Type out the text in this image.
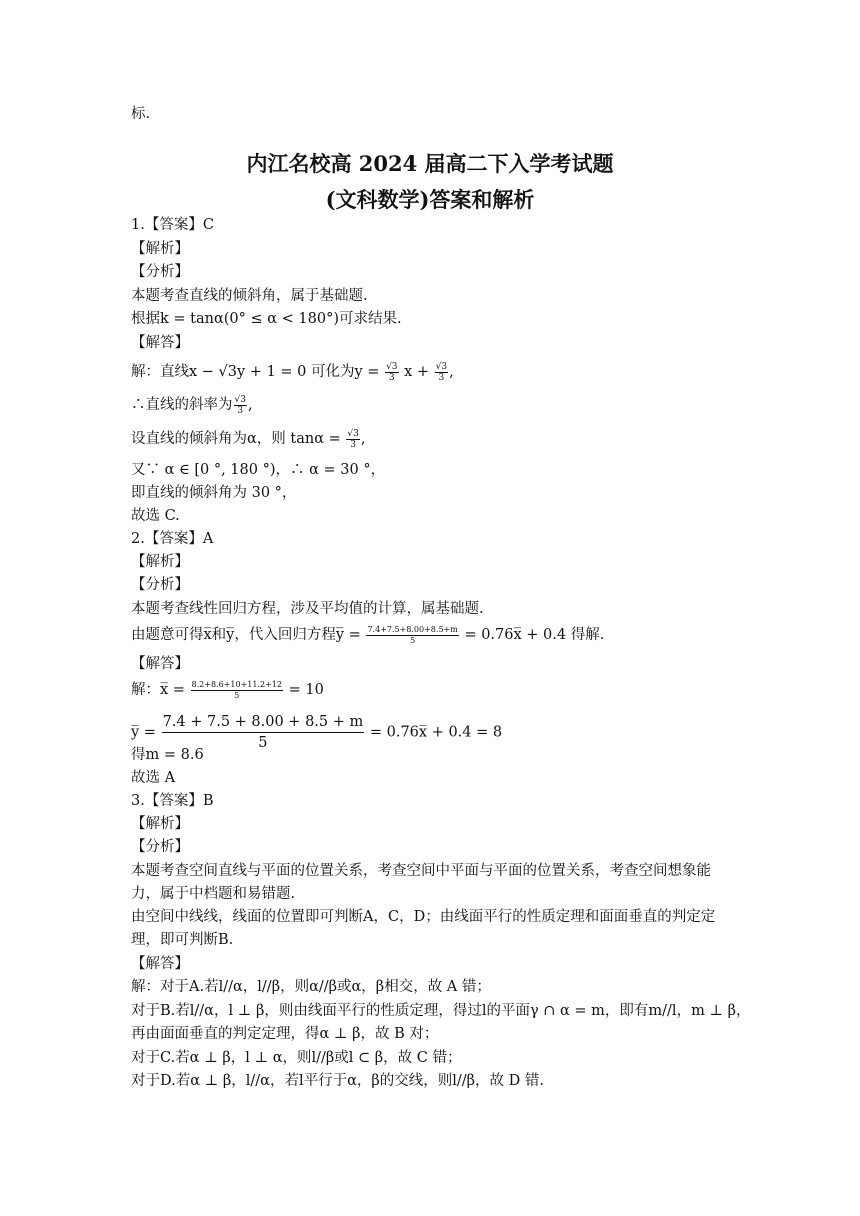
标.
内江名校高 2024 届高二下入学考试题
(文科数学)答案和解析
1.【答案】C
【解析】
【分析】
本题考查直线的倾斜角，属于基础题.
根据k = tanα(0° ≤ α < 180°)可求结果.
【解答】
解：直线x − √3y + 1 = 0 可化为$y = \frac{√3}{3}$ $x + \frac{√3}{3}$ ,
∴直线的斜率为 $\frac{√3}{3}$ ,
设直线的倾斜角为α，则 $\tan\alpha = \frac{√3}{3}$ ,
又∵ α ∈ [0 °, 180 °)，∴ α = 30 °，
即直线的倾斜角为 30 °，
故选 C.
2.【答案】A
【解析】
【分析】
本题考查线性回归方程，涉及平均值的计算，属基础题.
由题意可得x̅和y̅，代入回归方程y̅ = $\frac{7.4+7.5+8.00+8.5+m}{5}$ = 0.76x̅ + 0.4 得解.
【解答】
解：x̅ = $\frac{8.2+8.6+10+11.2+12}{5} = 10$
y̅ = $\frac{7.4 + 7.5 + 8.00 + 8.5 + m}{5}$ = 0.76x̅ + 0.4 = 8
得m = 8.6
故选 A
3.【答案】B
【解析】
【分析】
本题考查空间直线与平面的位置关系，考查空间中平面与平面的位置关系，考查空间想象能
力，属于中档题和易错题.
由空间中线线，线面的位置即可判断A，C，D；由线面平行的性质定理和面面垂直的判定定
理，即可判断B.
【解答】
解：对于A.若l//α，l//β，则α//β或α，β相交，故 A 错；
对于B.若l//α，l ⊥ β，则由线面平行的性质定理，得过l的平面γ ∩ α = m，即有m//l，m ⊥ β，
再由面面垂直的判定定理，得α ⊥ β，故 B 对；
对于C.若α ⊥ β，l ⊥ α，则l//β或l ⊂ β，故 C 错；
对于D.若α ⊥ β，l//α，若l平行于α，β的交线，则l//β，故 D 错.
